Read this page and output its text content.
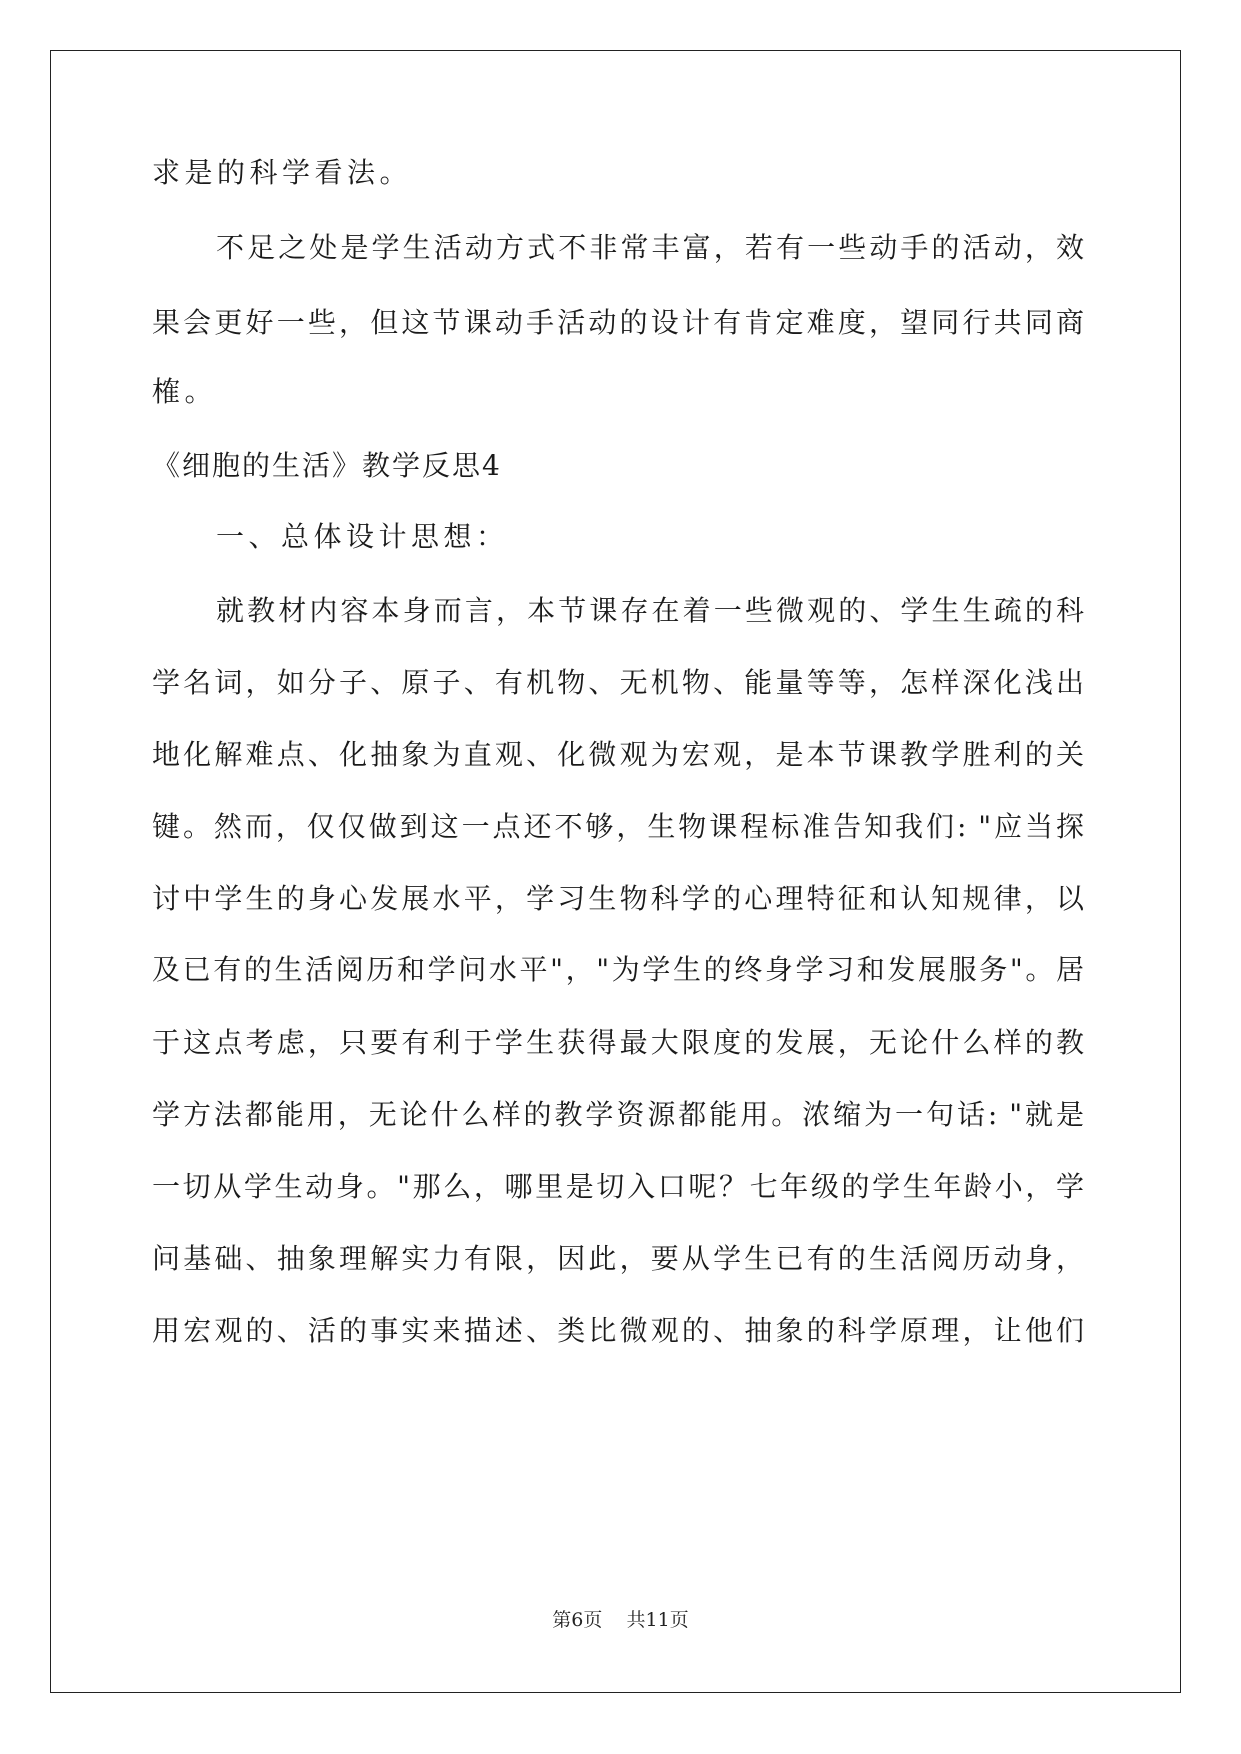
求是的科学看法。
不足之处是学生活动方式不非常丰富，若有一些动手的活动，效
果会更好一些，但这节课动手活动的设计有肯定难度，望同行共同商
榷。
《细胞的生活》教学反思4
一、总体设计思想：
就教材内容本身而言，本节课存在着一些微观的、学生生疏的科
学名词，如分子、原子、有机物、无机物、能量等等，怎样深化浅出
地化解难点、化抽象为直观、化微观为宏观，是本节课教学胜利的关
键。然而，仅仅做到这一点还不够，生物课程标准告知我们: "应当探
讨中学生的身心发展水平，学习生物科学的心理特征和认知规律，以
及已有的生活阅历和学问水平"，"为学生的终身学习和发展服务"。居
于这点考虑，只要有利于学生获得最大限度的发展，无论什么样的教
学方法都能用，无论什么样的教学资源都能用。浓缩为一句话: "就是
一切从学生动身。"那么，哪里是切入口呢？七年级的学生年龄小，学
问基础、抽象理解实力有限，因此，要从学生已有的生活阅历动身，
用宏观的、活的事实来描述、类比微观的、抽象的科学原理，让他们
第6页    共11页
